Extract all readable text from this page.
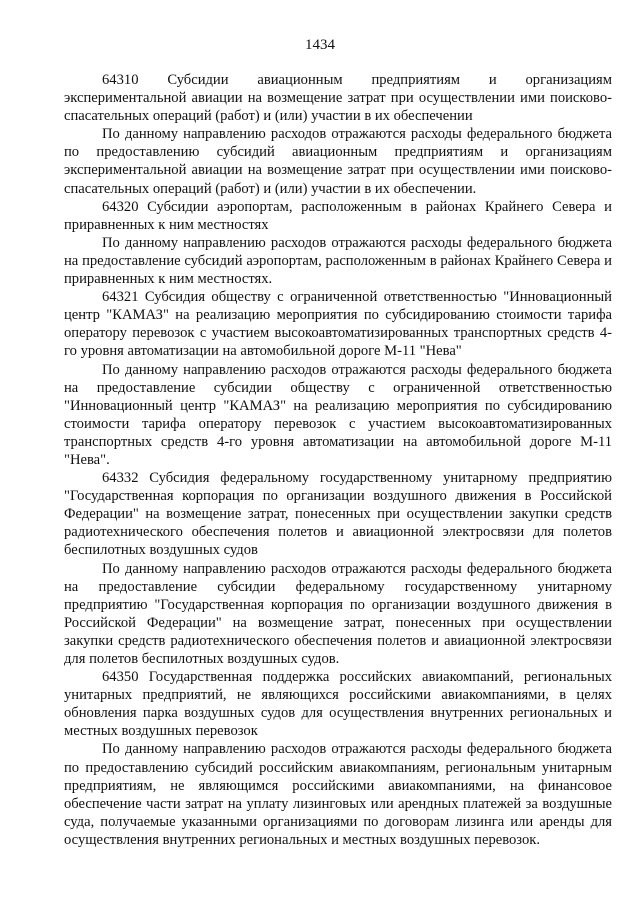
1434

64310 Субсидии авиационным предприятиям и организациям экспериментальной авиации на возмещение затрат при осуществлении ими поисково-спасательных операций (работ) и (или) участии в их обеспечении

По данному направлению расходов отражаются расходы федерального бюджета по предоставлению субсидий авиационным предприятиям и организациям экспериментальной авиации на возмещение затрат при осуществлении ими поисково-спасательных операций (работ) и (или) участии в их обеспечении.

64320 Субсидии аэропортам, расположенным в районах Крайнего Севера и приравненных к ним местностях

По данному направлению расходов отражаются расходы федерального бюджета на предоставление субсидий аэропортам, расположенным в районах Крайнего Севера и приравненных к ним местностях.

64321 Субсидия обществу с ограниченной ответственностью "Инновационный центр "КАМАЗ" на реализацию мероприятия по субсидированию стоимости тарифа оператору перевозок с участием высокоавтоматизированных транспортных средств 4-го уровня автоматизации на автомобильной дороге М-11 "Нева"

По данному направлению расходов отражаются расходы федерального бюджета на предоставление субсидии обществу с ограниченной ответственностью "Инновационный центр "КАМАЗ" на реализацию мероприятия по субсидированию стоимости тарифа оператору перевозок с участием высокоавтоматизированных транспортных средств 4-го уровня автоматизации на автомобильной дороге М-11 "Нева".

64332 Субсидия федеральному государственному унитарному предприятию "Государственная корпорация по организации воздушного движения в Российской Федерации" на возмещение затрат, понесенных при осуществлении закупки средств радиотехнического обеспечения полетов и авиационной электросвязи для полетов беспилотных воздушных судов

По данному направлению расходов отражаются расходы федерального бюджета на предоставление субсидии федеральному государственному унитарному предприятию "Государственная корпорация по организации воздушного движения в Российской Федерации" на возмещение затрат, понесенных при осуществлении закупки средств радиотехнического обеспечения полетов и авиационной электросвязи для полетов беспилотных воздушных судов.

64350 Государственная поддержка российских авиакомпаний, региональных унитарных предприятий, не являющихся российскими авиакомпаниями, в целях обновления парка воздушных судов для осуществления внутренних региональных и местных воздушных перевозок

По данному направлению расходов отражаются расходы федерального бюджета по предоставлению субсидий российским авиакомпаниям, региональным унитарным предприятиям, не являющимся российскими авиакомпаниями, на финансовое обеспечение части затрат на уплату лизинговых или арендных платежей за воздушные суда, получаемые указанными организациями по договорам лизинга или аренды для осуществления внутренних региональных и местных воздушных перевозок.
